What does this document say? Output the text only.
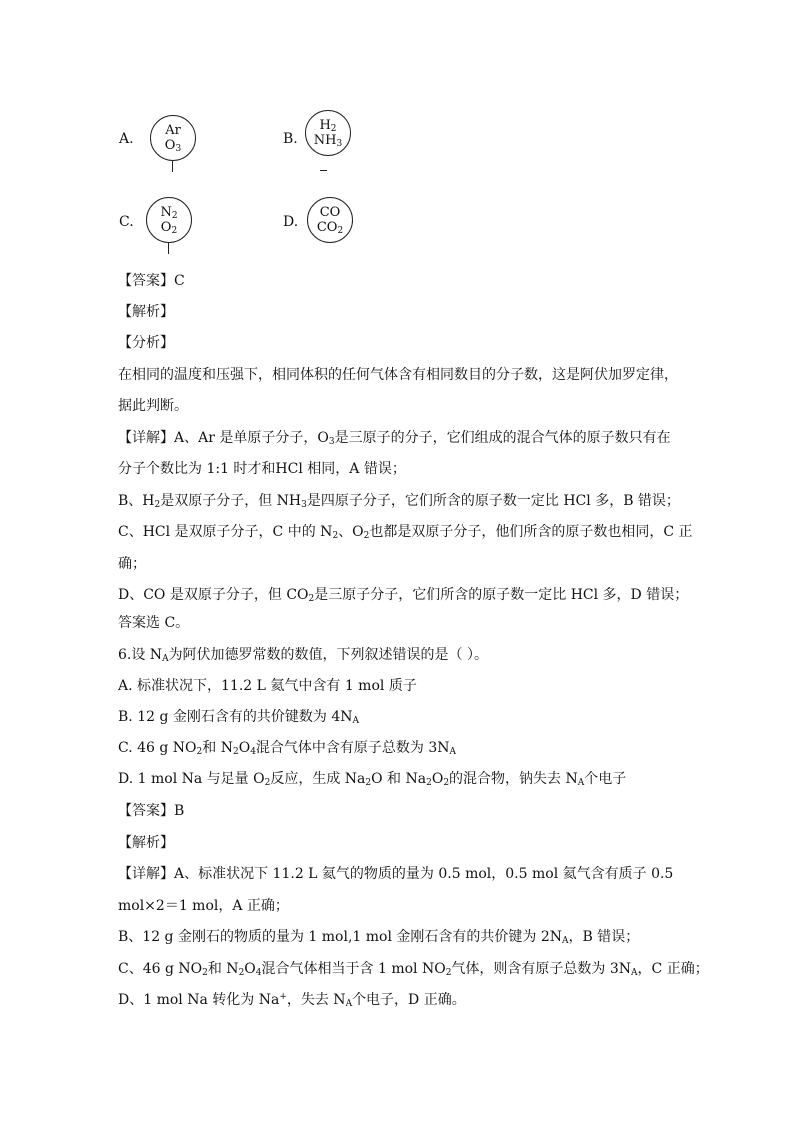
A.
Ar
$O_3$
B.
$H_2$
$NH_3$
C.
$N_2$
$O_2$
D.
CO
$CO_2$
【答案】C
【解析】
【分析】
在相同的温度和压强下，相同体积的任何气体含有相同数目的分子数，这是阿伏加罗定律，
据此判断。
【详解】A、Ar 是单原子分子，$O_3$是三原子的分子，它们组成的混合气体的原子数只有在
分子个数比为 1:1 时才和HCl 相同，A 错误；
B、$H_2$是双原子分子，但 $NH_3$是四原子分子，它们所含的原子数一定比 HCl 多，B 错误；
C、HCl 是双原子分子，C 中的 $N_2$、$O_2$也都是双原子分子，他们所含的原子数也相同，C 正
确；
D、CO 是双原子分子，但 $CO_2$是三原子分子，它们所含的原子数一定比 HCl 多，D 错误；
答案选 C。
6.设 $N_A$为阿伏加德罗常数的数值，下列叙述错误的是（ ）。
A. 标准状况下，11.2 L 氦气中含有 1 mol 质子
B. 12 g 金刚石含有的共价键数为 $4N_A$
C. 46 g $NO_2$和 $N_2O_4$混合气体中含有原子总数为 $3N_A$
D. 1 mol Na 与足量 $O_2$反应，生成 $Na_2O$ 和 $Na_2O_2$的混合物，钠失去 $N_A$个电子
【答案】B
【解析】
【详解】A、标准状况下 11.2 L 氦气的物质的量为 0.5 mol，0.5 mol 氦气含有质子 0.5
mol×2＝1 mol，A 正确；
B、12 g 金刚石的物质的量为 1 mol,1 mol 金刚石含有的共价键为 $2N_A$，B 错误；
C、46 g $NO_2$和 $N_2O_4$混合气体相当于含 1 mol $NO_2$气体，则含有原子总数为 $3N_A$，C 正确；
D、1 mol Na 转化为 Na+，失去 $N_A$个电子，D 正确。
